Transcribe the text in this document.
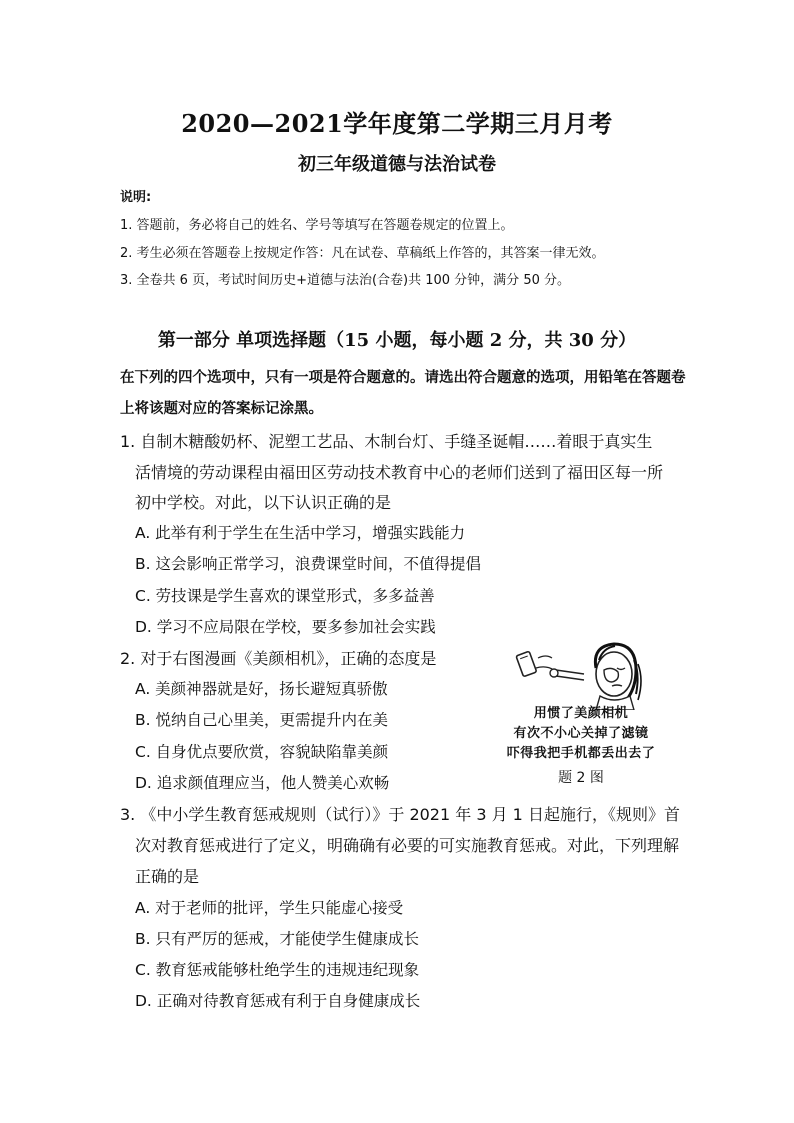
2020—2021学年度第二学期三月月考
初三年级道德与法治试卷
说明:
1. 答题前，务必将自己的姓名、学号等填写在答题卷规定的位置上。
2. 考生必须在答题卷上按规定作答：凡在试卷、草稿纸上作答的，其答案一律无效。
3. 全卷共 6 页，考试时间历史+道德与法治(合卷)共 100 分钟，满分 50 分。
第一部分 单项选择题（15 小题，每小题 2 分，共 30 分）
在下列的四个选项中，只有一项是符合题意的。请选出符合题意的选项，用铅笔在答题卷
上将该题对应的答案标记涂黑。
1. 自制木糖酸奶杯、泥塑工艺品、木制台灯、手缝圣诞帽……着眼于真实生
活情境的劳动课程由福田区劳动技术教育中心的老师们送到了福田区每一所
初中学校。对此，以下认识正确的是
A. 此举有利于学生在生活中学习，增强实践能力
B. 这会影响正常学习，浪费课堂时间，不值得提倡
C. 劳技课是学生喜欢的课堂形式，多多益善
D. 学习不应局限在学校，要多参加社会实践
2. 对于右图漫画《美颜相机》，正确的态度是
A. 美颜神器就是好，扬长避短真骄傲
B. 悦纳自己心里美，更需提升内在美
C. 自身优点要欣赏，容貌缺陷靠美颜
D. 追求颜值理应当，他人赞美心欢畅
用惯了美颜相机
有次不小心关掉了滤镜
吓得我把手机都丢出去了
题 2 图
3. 《中小学生教育惩戒规则（试行）》于 2021 年 3 月 1 日起施行，《规则》首
次对教育惩戒进行了定义，明确确有必要的可实施教育惩戒。对此，下列理解
正确的是
A. 对于老师的批评，学生只能虚心接受
B. 只有严厉的惩戒，才能使学生健康成长
C. 教育惩戒能够杜绝学生的违规违纪现象
D. 正确对待教育惩戒有利于自身健康成长
